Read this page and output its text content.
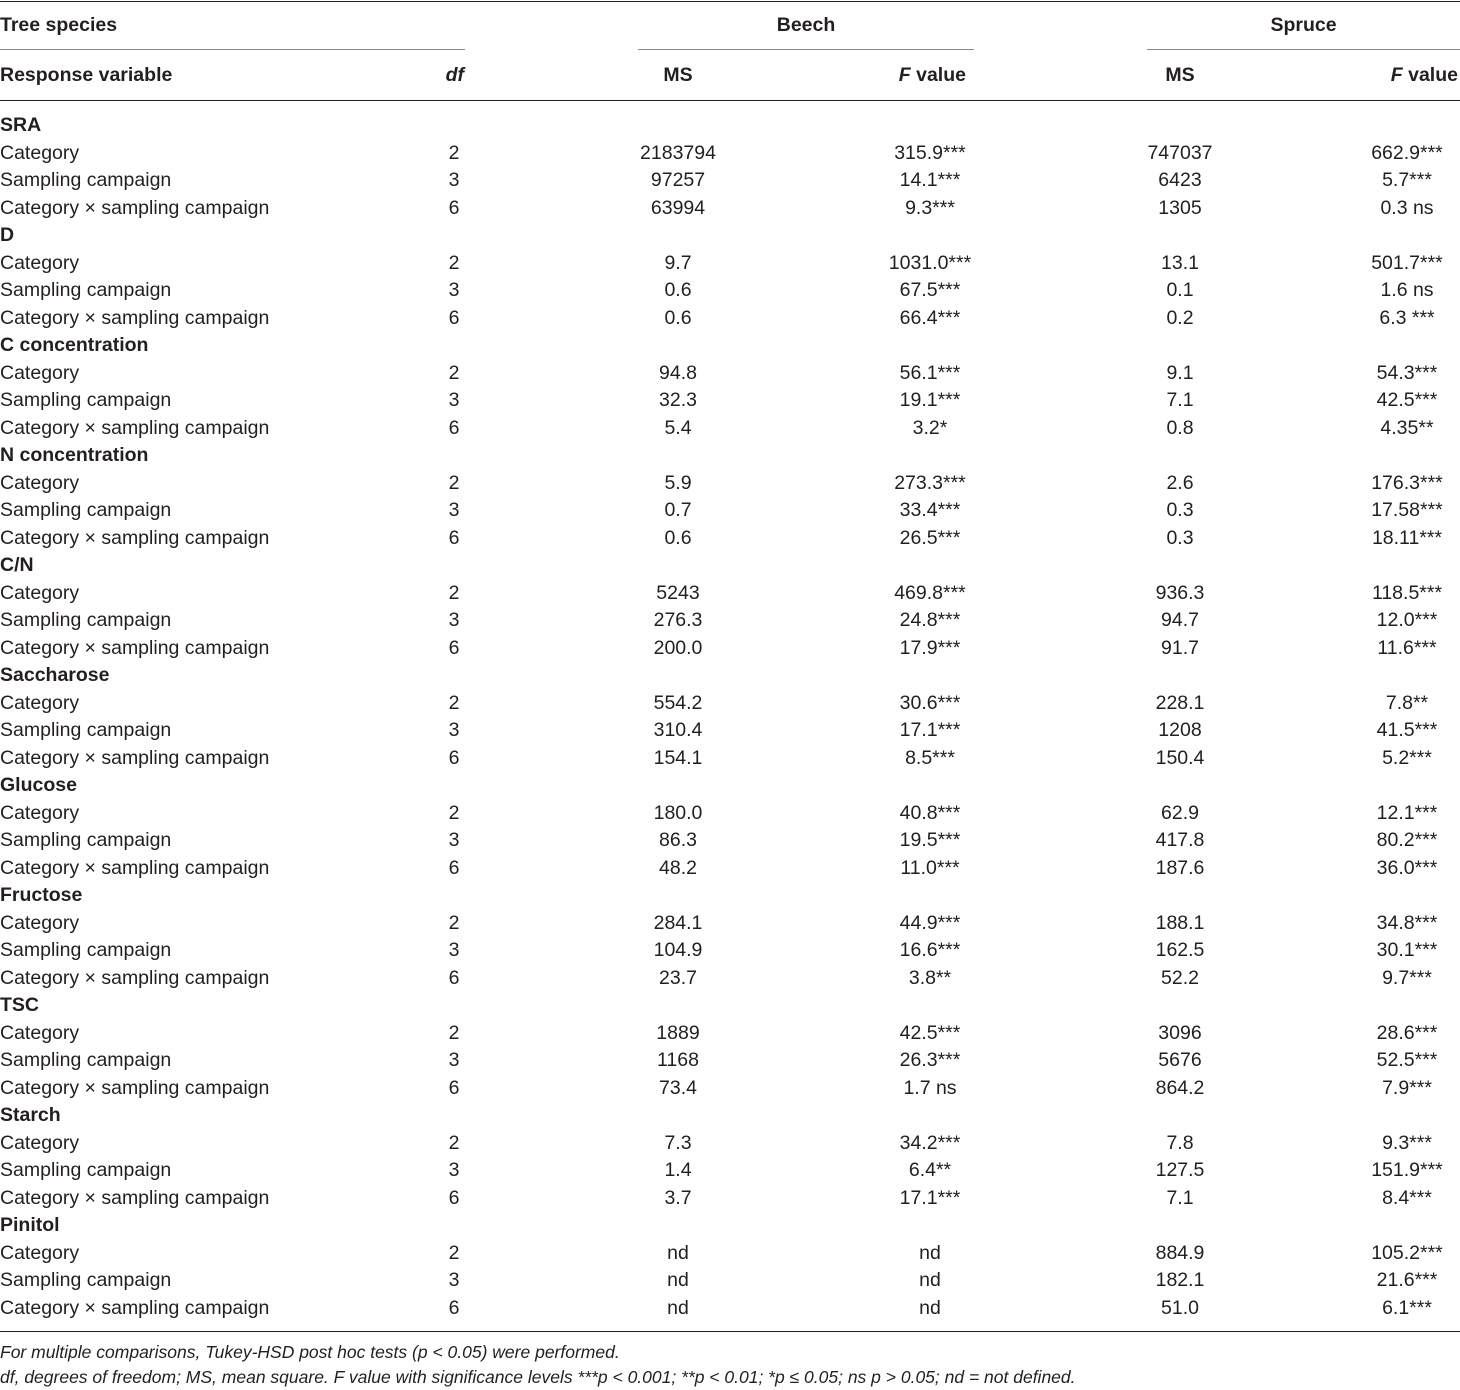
Tree species	Beech	Spruce
Response variable	df	MS	F value	MS	F value
SRA
Category	2	2183794	315.9***	747037	662.9***
Sampling campaign	3	97257	14.1***	6423	5.7***
Category × sampling campaign	6	63994	9.3***	1305	0.3 ns
D
Category	2	9.7	1031.0***	13.1	501.7***
Sampling campaign	3	0.6	67.5***	0.1	1.6 ns
Category × sampling campaign	6	0.6	66.4***	0.2	6.3 ***
C concentration
Category	2	94.8	56.1***	9.1	54.3***
Sampling campaign	3	32.3	19.1***	7.1	42.5***
Category × sampling campaign	6	5.4	3.2*	0.8	4.35**
N concentration
Category	2	5.9	273.3***	2.6	176.3***
Sampling campaign	3	0.7	33.4***	0.3	17.58***
Category × sampling campaign	6	0.6	26.5***	0.3	18.11***
C/N
Category	2	5243	469.8***	936.3	118.5***
Sampling campaign	3	276.3	24.8***	94.7	12.0***
Category × sampling campaign	6	200.0	17.9***	91.7	11.6***
Saccharose
Category	2	554.2	30.6***	228.1	7.8**
Sampling campaign	3	310.4	17.1***	1208	41.5***
Category × sampling campaign	6	154.1	8.5***	150.4	5.2***
Glucose
Category	2	180.0	40.8***	62.9	12.1***
Sampling campaign	3	86.3	19.5***	417.8	80.2***
Category × sampling campaign	6	48.2	11.0***	187.6	36.0***
Fructose
Category	2	284.1	44.9***	188.1	34.8***
Sampling campaign	3	104.9	16.6***	162.5	30.1***
Category × sampling campaign	6	23.7	3.8**	52.2	9.7***
TSC
Category	2	1889	42.5***	3096	28.6***
Sampling campaign	3	1168	26.3***	5676	52.5***
Category × sampling campaign	6	73.4	1.7 ns	864.2	7.9***
Starch
Category	2	7.3	34.2***	7.8	9.3***
Sampling campaign	3	1.4	6.4**	127.5	151.9***
Category × sampling campaign	6	3.7	17.1***	7.1	8.4***
Pinitol
Category	2	nd	nd	884.9	105.2***
Sampling campaign	3	nd	nd	182.1	21.6***
Category × sampling campaign	6	nd	nd	51.0	6.1***
For multiple comparisons, Tukey-HSD post hoc tests (p < 0.05) were performed.
df, degrees of freedom; MS, mean square. F value with significance levels ***p < 0.001; **p < 0.01; *p ≤ 0.05; ns p > 0.05; nd = not defined.
